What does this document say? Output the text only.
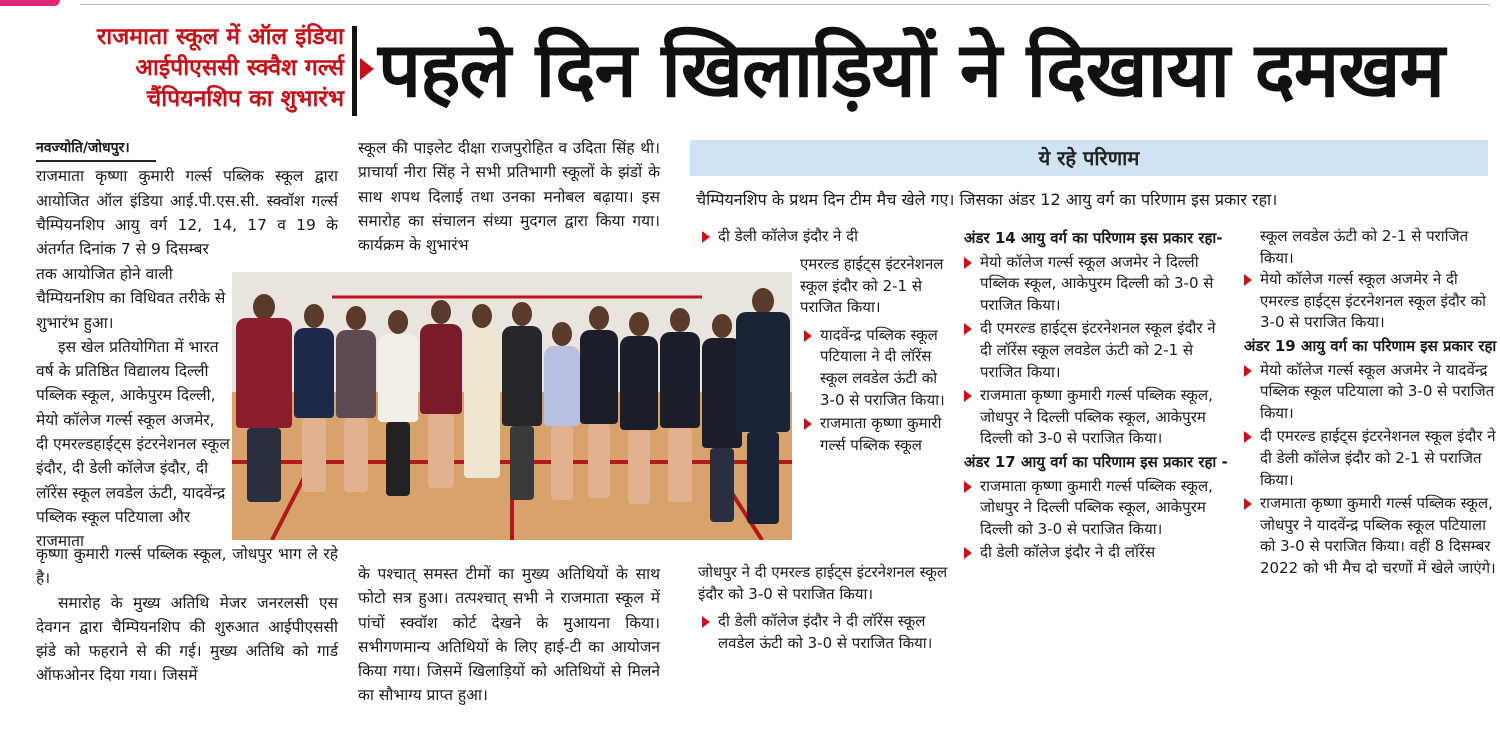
राजमाता स्कूल में ऑल इंडिया
आईपीएससी स्क्वैश गर्ल्स
चैंपियनशिप का शुभारंभ पहले दिन खिलाड़ियों ने दिखाया दमखम
नवज्योति/जोधपुर।

राजमाता कृष्णा कुमारी गर्ल्स पब्लिक स्कूल द्वारा आयोजित ऑल इंडिया आई.पी.एस.सी. स्क्वॉश गर्ल्स चैम्पियनशिप आयु वर्ग 12, 14, 17 व 19 के अंतर्गत दिनांक 7 से 9 दिसम्बर

तक आयोजित होने वाली चैम्पियनशिप का विधिवत तरीके से शुभारंभ हुआ।

इस खेल प्रतियोगिता में भारत वर्ष के प्रतिष्ठित विद्यालय दिल्ली पब्लिक स्कूल, आकेपुरम दिल्ली, मेयो कॉलेज गर्ल्स स्कूल अजमेर, दी एमरल्डहाईट्स इंटरनेशनल स्कूल इंदौर, दी डेली कॉलेज इंदौर, दी लॉरेंस स्कूल लवडेल ऊंटी, यादवेंन्द्र पब्लिक स्कूल पटियाला और राजमाता

कृष्णा कुमारी गर्ल्स पब्लिक स्कूल, जोधपुर भाग ले रहे है।

समारोह के मुख्य अतिथि मेजर जनरलसी एस देवगन द्वारा चैम्पियनशिप की शुरुआत आईपीएससी झंडे को फहराने से की गई। मुख्य अतिथि को गार्ड ऑफओनर दिया गया। जिसमें

स्कूल की पाइलेट दीक्षा राजपुरोहित व उदिता सिंह थी। प्राचार्या नीरा सिंह ने सभी प्रतिभागी स्कूलों के झंडों के साथ शपथ दिलाई तथा उनका मनोबल बढ़ाया। इस समारोह का संचालन संध्या मुदगल द्वारा किया गया। कार्यक्रम के शुभारंभ

के पश्चात् समस्त टीमों का मुख्य अतिथियों के साथ फोटो सत्र हुआ। तत्पश्चात् सभी ने राजमाता स्कूल में पांचों स्क्वॉश कोर्ट देखने के मुआयना किया। सभीगणमान्य अतिथियों के लिए हाई-टी का आयोजन किया गया। जिसमें खिलाड़ियों को अतिथियों से मिलने का सौभाग्य प्राप्त हुआ।

ये रहे परिणाम
चैम्पियनशिप के प्रथम दिन टीम मैच खेले गए। जिसका अंडर 12 आयु वर्ग का परिणाम इस प्रकार रहा।
दी डेली कॉलेज इंदौर ने दी
एमरल्ड हाईट्स इंटरनेशनल स्कूल इंदौर को 2-1 से पराजित किया।
यादवेंन्द्र पब्लिक स्कूल पटियाला ने दी लॉरेंस स्कूल लवडेल ऊंटी को 3-0 से पराजित किया।
राजमाता कृष्णा कुमारी गर्ल्स पब्लिक स्कूल
जोधपुर ने दी एमरल्ड हाईट्स इंटरनेशनल स्कूल इंदौर को 3-0 से पराजित किया।
दी डेली कॉलेज इंदौर ने दी लॉरेंस स्कूल लवडेल ऊंटी को 3-0 से पराजित किया।
अंडर 14 आयु वर्ग का परिणाम इस प्रकार रहा-
मेयो कॉलेज गर्ल्स स्कूल अजमेर ने दिल्ली पब्लिक स्कूल, आकेपुरम दिल्ली को 3-0 से पराजित किया।
दी एमरल्ड हाईट्स इंटरनेशनल स्कूल इंदौर ने दी लॉरेंस स्कूल लवडेल ऊंटी को 2-1 से पराजित किया।
राजमाता कृष्णा कुमारी गर्ल्स पब्लिक स्कूल, जोधपुर ने दिल्ली पब्लिक स्कूल, आकेपुरम दिल्ली को 3-0 से पराजित किया।
अंडर 17 आयु वर्ग का परिणाम इस प्रकार रहा -
राजमाता कृष्णा कुमारी गर्ल्स पब्लिक स्कूल, जोधपुर ने दिल्ली पब्लिक स्कूल, आकेपुरम दिल्ली को 3-0 से पराजित किया।
दी डेली कॉलेज इंदौर ने दी लॉरेंस
स्कूल लवडेल ऊंटी को 2-1 से पराजित किया।
मेयो कॉलेज गर्ल्स स्कूल अजमेर ने दी एमरल्ड हाईट्स इंटरनेशनल स्कूल इंदौर को 3-0 से पराजित किया।
अंडर 19 आयु वर्ग का परिणाम इस प्रकार रहा
मेयो कॉलेज गर्ल्स स्कूल अजमेर ने यादवेंन्द्र पब्लिक स्कूल पटियाला को 3-0 से पराजित किया।
दी एमरल्ड हाईट्स इंटरनेशनल स्कूल इंदौर ने दी डेली कॉलेज इंदौर को 2-1 से पराजित किया।
राजमाता कृष्णा कुमारी गर्ल्स पब्लिक स्कूल, जोधपुर ने यादवेंन्द्र पब्लिक स्कूल पटियाला को 3-0 से पराजित किया। वहीं 8 दिसम्बर 2022 को भी मैच दो चरणों में खेले जाएंगे।
